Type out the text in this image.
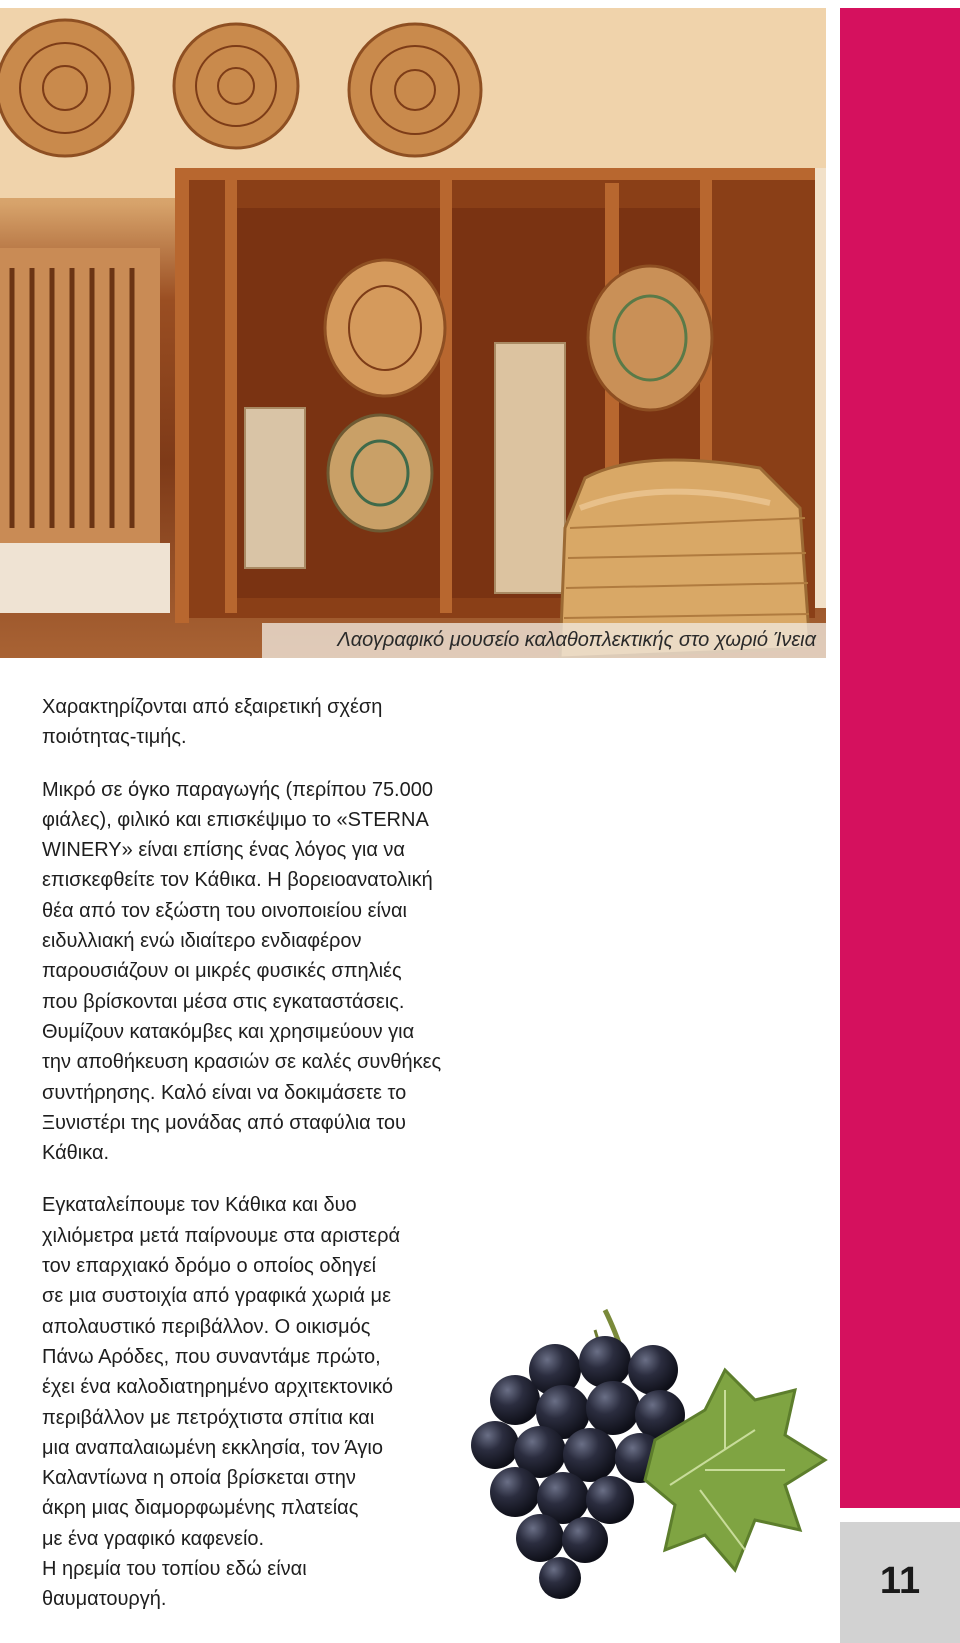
Λαογραφικό μουσείο καλαθοπλεκτικής στο χωριό Ίνεια
11
Χαρακτηρίζονται από εξαιρετική σχέση
ποιότητας-τιμής.
Μικρό σε όγκο παραγωγής (περίπου 75.000
φιάλες), φιλικό και επισκέψιμο το «STERNA
WINERY» είναι επίσης ένας λόγος για να
επισκεφθείτε τον Κάθικα. Η βορειοανατολική
θέα από τον εξώστη του οινοποιείου είναι
ειδυλλιακή ενώ ιδιαίτερο ενδιαφέρον
παρουσιάζουν οι μικρές φυσικές σπηλιές
που βρίσκονται μέσα στις εγκαταστάσεις.
Θυμίζουν κατακόμβες και χρησιμεύουν για
την αποθήκευση κρασιών σε καλές συνθήκες
συντήρησης. Καλό είναι να δοκιμάσετε το
Ξυνιστέρι της μονάδας από σταφύλια του
Κάθικα.
Εγκαταλείπουμε τον Κάθικα και δυο
χιλιόμετρα μετά παίρνουμε στα αριστερά
τον επαρχιακό δρόμο ο οποίος οδηγεί
σε μια συστοιχία από γραφικά χωριά με
απολαυστικό περιβάλλον. Ο οικισμός
Πάνω Αρόδες, που συναντάμε πρώτο,
έχει ένα καλοδιατηρημένο αρχιτεκτονικό
περιβάλλον με πετρόχτιστα σπίτια και
μια αναπαλαιωμένη εκκλησία, τον Άγιο
Καλαντίωνα η οποία βρίσκεται στην
άκρη μιας διαμορφωμένης πλατείας
με ένα γραφικό καφενείο.
Η ηρεμία του τοπίου εδώ είναι
θαυματουργή.
